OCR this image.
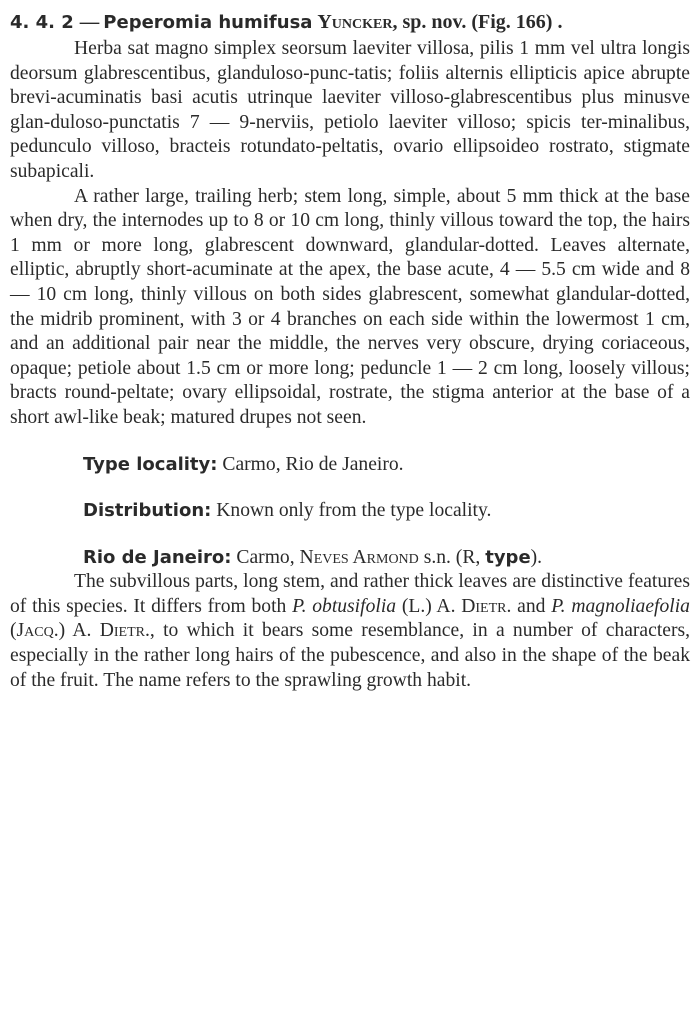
4. 4. 2 — Peperomia humifusa Yuncker, sp. nov. (Fig. 166) .

Herba sat magno simplex seorsum laeviter villosa, pilis 1 mm vel ultra longis deorsum glabrescentibus, glanduloso-punc-tatis; foliis alternis ellipticis apice abrupte brevi-acuminatis basi acutis utrinque laeviter villoso-glabrescentibus plus minusve glan-duloso-punctatis 7 — 9-nerviis, petiolo laeviter villoso; spicis ter-minalibus, pedunculo villoso, bracteis rotundato-peltatis, ovario ellipsoideo rostrato, stigmate subapicali.

A rather large, trailing herb; stem long, simple, about 5 mm thick at the base when dry, the internodes up to 8 or 10 cm long, thinly villous toward the top, the hairs 1 mm or more long, glabrescent downward, glandular-dotted. Leaves alternate, elliptic, abruptly short-acuminate at the apex, the base acute, 4 — 5.5 cm wide and 8 — 10 cm long, thinly villous on both sides glabrescent, somewhat glandular-dotted, the midrib prominent, with 3 or 4 branches on each side within the lowermost 1 cm, and an additional pair near the middle, the nerves very obscure, drying coriaceous, opaque; petiole about 1.5 cm or more long; peduncle 1 — 2 cm long, loosely villous; bracts round-peltate; ovary ellipsoidal, rostrate, the stigma anterior at the base of a short awl-like beak; matured drupes not seen.

Type locality: Carmo, Rio de Janeiro.

Distribution: Known only from the type locality.

Rio de Janeiro: Carmo, Neves Armond s.n. (R, type).

The subvillous parts, long stem, and rather thick leaves are distinctive features of this species. It differs from both P. obtusifolia (L.) A. Dietr. and P. magnoliaefolia (Jacq.) A. Dietr., to which it bears some resemblance, in a number of characters, especially in the rather long hairs of the pubescence, and also in the shape of the beak of the fruit. The name refers to the sprawling growth habit.
